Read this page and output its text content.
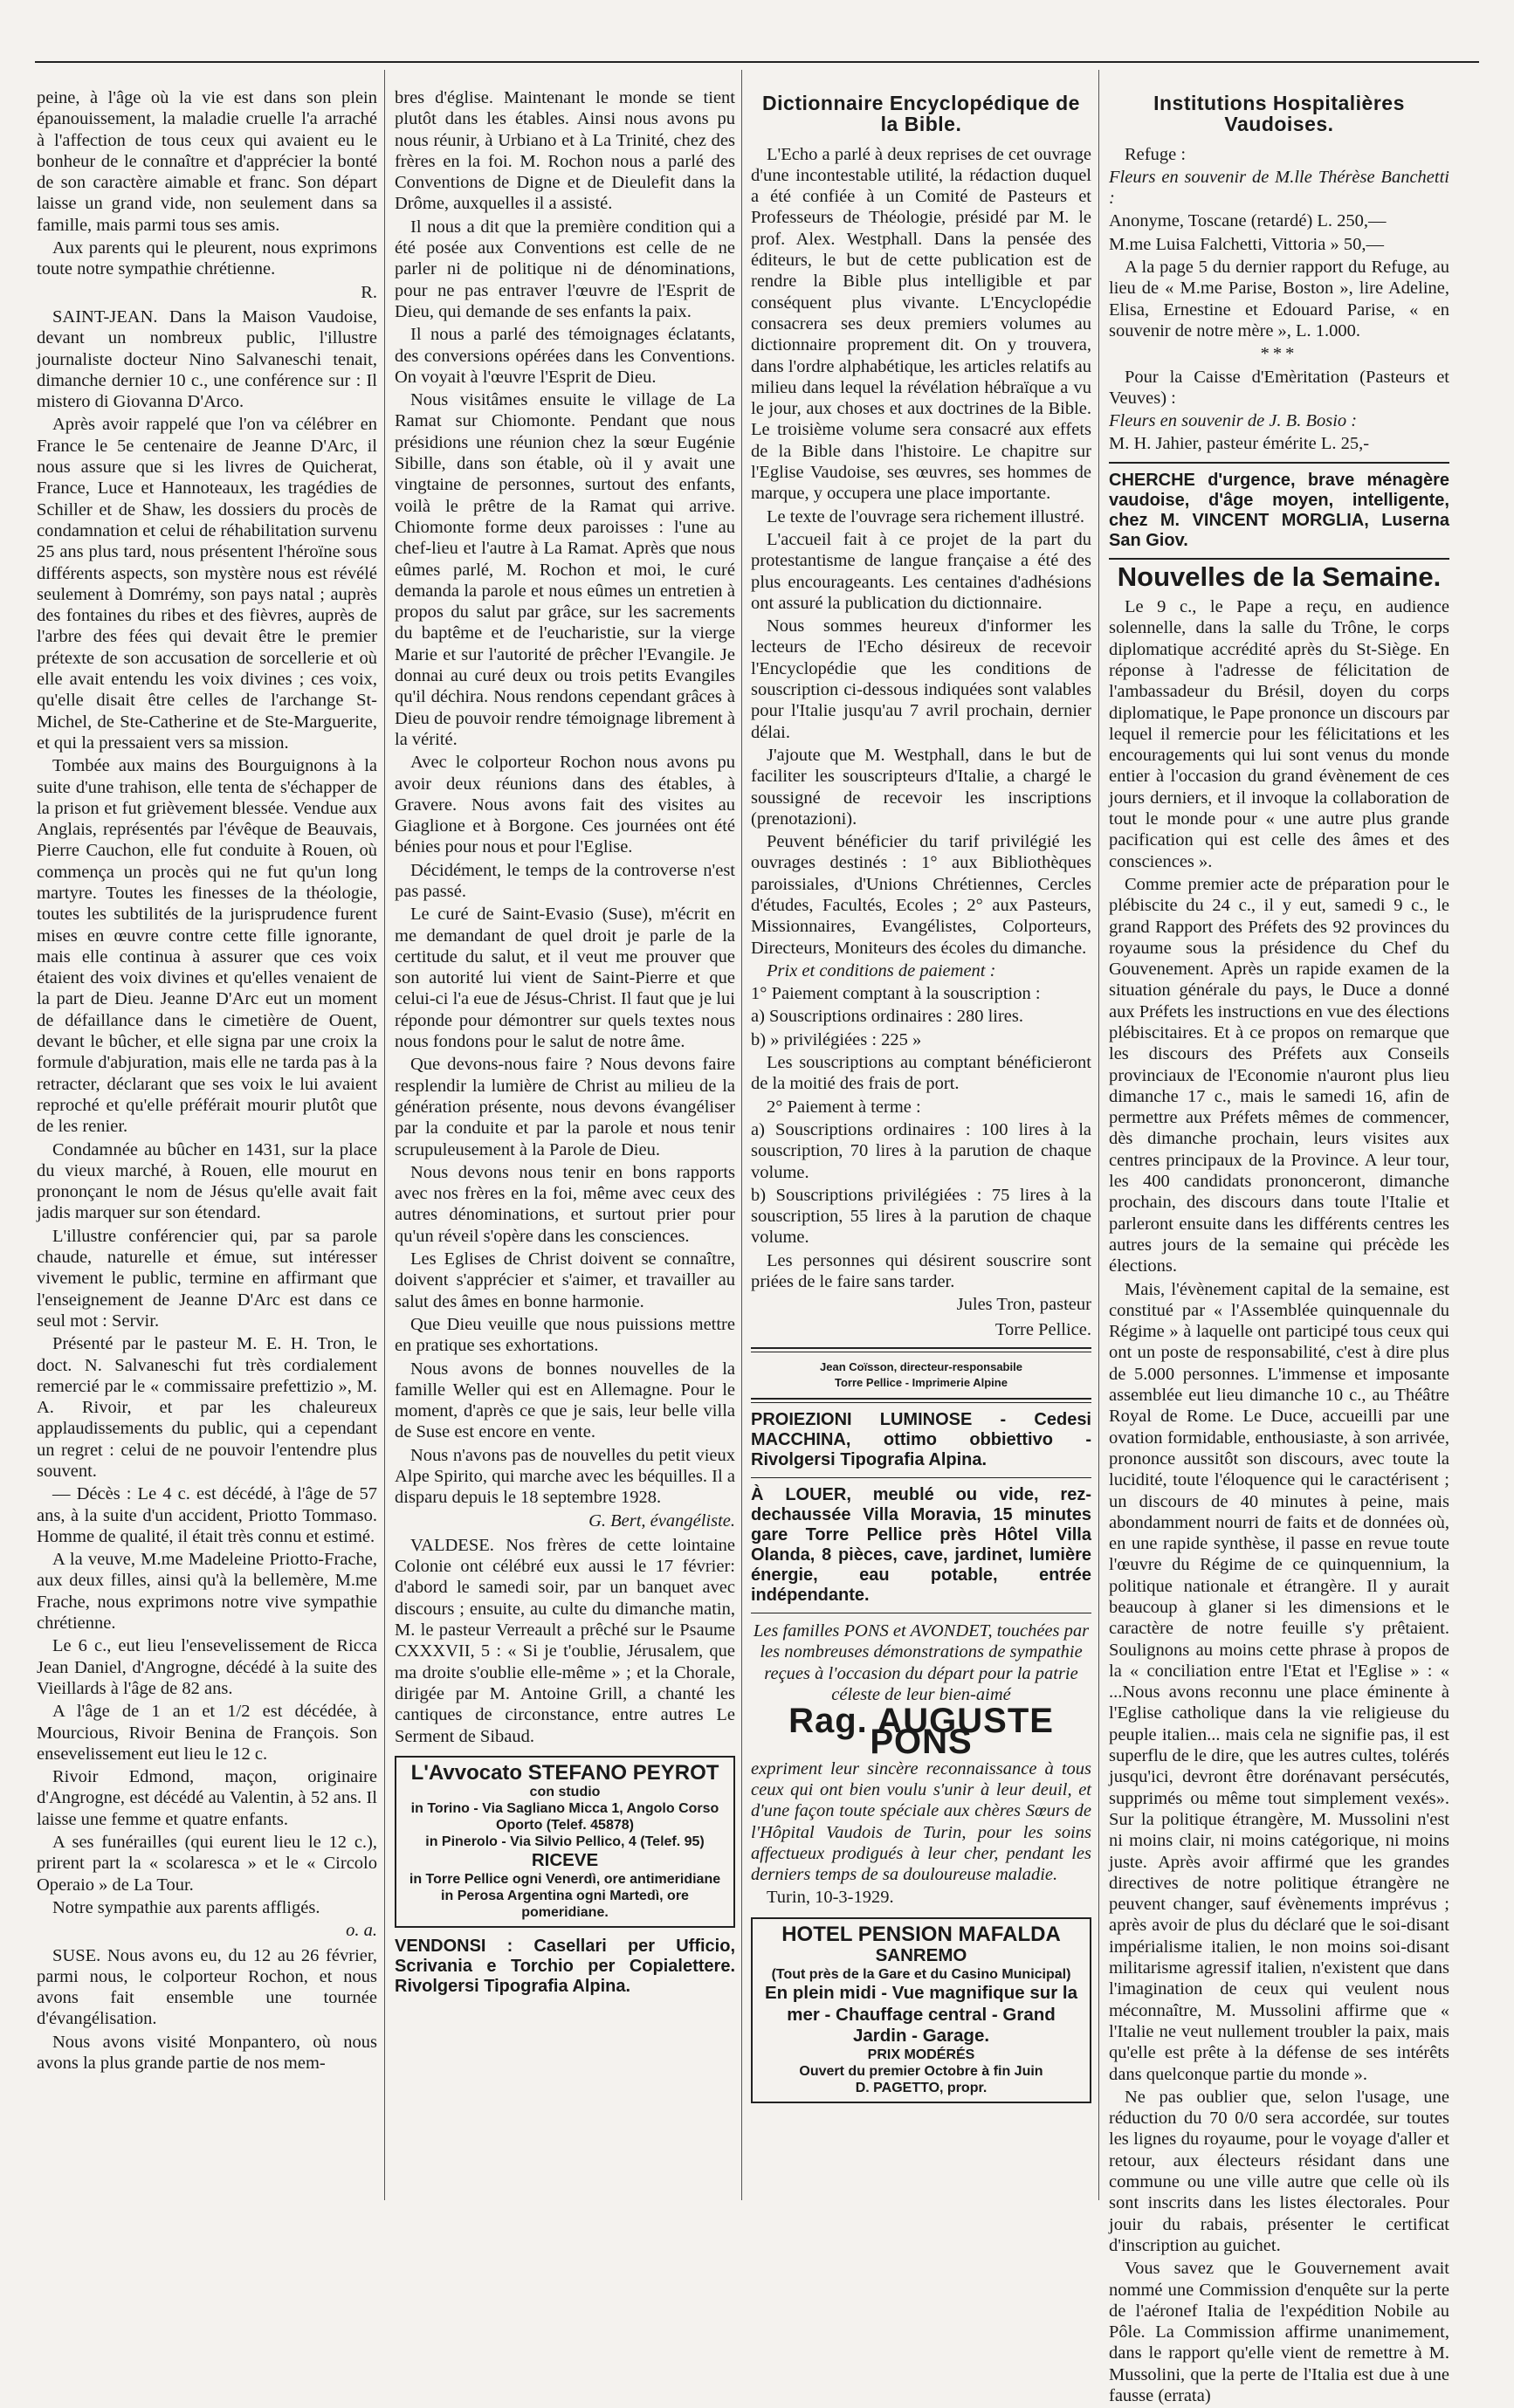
peine, à l'âge où la vie est dans son plein épanouissement, la maladie cruelle l'a arraché à l'affection de tous ceux qui avaient eu le bonheur de le connaître et d'apprécier la bonté de son caractère aimable et franc. Son départ laisse un grand vide, non seulement dans sa famille, mais parmi tous ses amis.

Aux parents qui le pleurent, nous exprimons toute notre sympathie chrétienne.

R.

SAINT-JEAN. Dans la Maison Vaudoise, devant un nombreux public, l'illustre journaliste docteur Nino Salvaneschi tenait, dimanche dernier 10 c., une conférence sur : Il mistero di Giovanna D'Arco.

Après avoir rappelé que l'on va célébrer en France le 5e centenaire de Jeanne D'Arc, il nous assure que si les livres de Quicherat, France, Luce et Hannoteaux, les tragédies de Schiller et de Shaw, les dossiers du procès de condamnation et celui de réhabilitation survenu 25 ans plus tard, nous présentent l'héroïne sous différents aspects, son mystère nous est révélé seulement à Domrémy, son pays natal ; auprès des fontaines du ribes et des fièvres, auprès de l'arbre des fées qui devait être le premier prétexte de son accusation de sorcellerie et où elle avait entendu les voix divines ; ces voix, qu'elle disait être celles de l'archange St-Michel, de Ste-Catherine et de Ste-Marguerite, et qui la pressaient vers sa mission.

Tombée aux mains des Bourguignons à la suite d'une trahison, elle tenta de s'échapper de la prison et fut grièvement blessée. Vendue aux Anglais, représentés par l'évêque de Beauvais, Pierre Cauchon, elle fut conduite à Rouen, où commença un procès qui ne fut qu'un long martyre. Toutes les finesses de la théologie, toutes les subtilités de la jurisprudence furent mises en œuvre contre cette fille ignorante, mais elle continua à assurer que ces voix étaient des voix divines et qu'elles venaient de la part de Dieu. Jeanne D'Arc eut un moment de défaillance dans le cimetière de Ouent, devant le bûcher, et elle signa par une croix la formule d'abjuration, mais elle ne tarda pas à la retracter, déclarant que ses voix le lui avaient reproché et qu'elle préférait mourir plutôt que de les renier.

Condamnée au bûcher en 1431, sur la place du vieux marché, à Rouen, elle mourut en prononçant le nom de Jésus qu'elle avait fait jadis marquer sur son étendard.

L'illustre conférencier qui, par sa parole chaude, naturelle et émue, sut intéresser vivement le public, termine en affirmant que l'enseignement de Jeanne D'Arc est dans ce seul mot : Servir.

Présenté par le pasteur M. E. H. Tron, le doct. N. Salvaneschi fut très cordialement remercié par le « commissaire prefettizio », M. A. Rivoir, et par les chaleureux applaudissements du public, qui a cependant un regret : celui de ne pouvoir l'entendre plus souvent.

— Décès : Le 4 c. est décédé, à l'âge de 57 ans, à la suite d'un accident, Priotto Tommaso. Homme de qualité, il était très connu et estimé.

A la veuve, M.me Madeleine Priotto-Frache, aux deux filles, ainsi qu'à la bellemère, M.me Frache, nous exprimons notre vive sympathie chrétienne.

Le 6 c., eut lieu l'ensevelissement de Ricca Jean Daniel, d'Angrogne, décédé à la suite des Vieillards à l'âge de 82 ans.

A l'âge de 1 an et 1/2 est décédée, à Mourcious, Rivoir Benina de François. Son ensevelissement eut lieu le 12 c.

Rivoir Edmond, maçon, originaire d'Angrogne, est décédé au Valentin, à 52 ans. Il laisse une femme et quatre enfants.

A ses funérailles (qui eurent lieu le 12 c.), prirent part la « scolaresca » et le « Circolo Operaio » de La Tour.

Notre sympathie aux parents affligés.

o. a.

SUSE. Nous avons eu, du 12 au 26 février, parmi nous, le colporteur Rochon, et nous avons fait ensemble une tournée d'évangélisation.

Nous avons visité Monpantero, où nous avons la plus grande partie de nos mem-

bres d'église. Maintenant le monde se tient plutôt dans les étables. Ainsi nous avons pu nous réunir, à Urbiano et à La Trinité, chez des frères en la foi. M. Rochon nous a parlé des Conventions de Digne et de Dieulefit dans la Drôme, auxquelles il a assisté.

Il nous a dit que la première condition qui a été posée aux Conventions est celle de ne parler ni de politique ni de dénominations, pour ne pas entraver l'œuvre de l'Esprit de Dieu, qui demande de ses enfants la paix.

Il nous a parlé des témoignages éclatants, des conversions opérées dans les Conventions. On voyait à l'œuvre l'Esprit de Dieu.

Nous visitâmes ensuite le village de La Ramat sur Chiomonte. Pendant que nous présidions une réunion chez la sœur Eugénie Sibille, dans son étable, où il y avait une vingtaine de personnes, surtout des enfants, voilà le prêtre de la Ramat qui arrive. Chiomonte forme deux paroisses : l'une au chef-lieu et l'autre à La Ramat. Après que nous eûmes parlé, M. Rochon et moi, le curé demanda la parole et nous eûmes un entretien à propos du salut par grâce, sur les sacrements du baptême et de l'eucharistie, sur la vierge Marie et sur l'autorité de prêcher l'Evangile. Je donnai au curé deux ou trois petits Evangiles qu'il déchira. Nous rendons cependant grâces à Dieu de pouvoir rendre témoignage librement à la vérité.

Avec le colporteur Rochon nous avons pu avoir deux réunions dans des étables, à Gravere. Nous avons fait des visites au Giaglione et à Borgone. Ces journées ont été bénies pour nous et pour l'Eglise.

Décidément, le temps de la controverse n'est pas passé.

Le curé de Saint-Evasio (Suse), m'écrit en me demandant de quel droit je parle de la certitude du salut, et il veut me prouver que son autorité lui vient de Saint-Pierre et que celui-ci l'a eue de Jésus-Christ. Il faut que je lui réponde pour démontrer sur quels textes nous nous fondons pour le salut de notre âme.

Que devons-nous faire ? Nous devons faire resplendir la lumière de Christ au milieu de la génération présente, nous devons évangéliser par la conduite et par la parole et nous tenir scrupuleusement à la Parole de Dieu.

Nous devons nous tenir en bons rapports avec nos frères en la foi, même avec ceux des autres dénominations, et surtout prier pour qu'un réveil s'opère dans les consciences.

Les Eglises de Christ doivent se connaître, doivent s'apprécier et s'aimer, et travailler au salut des âmes en bonne harmonie.

Que Dieu veuille que nous puissions mettre en pratique ses exhortations.

Nous avons de bonnes nouvelles de la famille Weller qui est en Allemagne. Pour le moment, d'après ce que je sais, leur belle villa de Suse est encore en vente.

Nous n'avons pas de nouvelles du petit vieux Alpe Spirito, qui marche avec les béquilles. Il a disparu depuis le 18 septembre 1928.

G. Bert, évangéliste.

VALDESE. Nos frères de cette lointaine Colonie ont célébré eux aussi le 17 février: d'abord le samedi soir, par un banquet avec discours ; ensuite, au culte du dimanche matin, M. le pasteur Verreault a prêché sur le Psaume CXXXVII, 5 : « Si je t'oublie, Jérusalem, que ma droite s'oublie elle-même » ; et la Chorale, dirigée par M. Antoine Grill, a chanté les cantiques de circonstance, entre autres Le Serment de Sibaud.

L'Avvocato STEFANO PEYROT
con studio
in Torino - Via Sagliano Micca 1, Angolo Corso Oporto (Telef. 45878)
in Pinerolo - Via Silvio Pellico, 4 (Telef. 95)
RICEVE
in Torre Pellice ogni Venerdì, ore antimeridiane
in Perosa Argentina ogni Martedì, ore pomeridiane.
VENDONSI : Casellari per Ufficio, Scrivania e Torchio per Copialettere. Rivolgersi Tipografia Alpina.
Dictionnaire Encyclopédique de la Bible.

L'Echo a parlé à deux reprises de cet ouvrage d'une incontestable utilité, la rédaction duquel a été confiée à un Comité de Pasteurs et Professeurs de Théologie, présidé par M. le prof. Alex. Westphall. Dans la pensée des éditeurs, le but de cette publication est de rendre la Bible plus intelligible et par conséquent plus vivante. L'Encyclopédie consacrera ses deux premiers volumes au dictionnaire proprement dit. On y trouvera, dans l'ordre alphabétique, les articles relatifs au milieu dans lequel la révélation hébraïque a vu le jour, aux choses et aux doctrines de la Bible. Le troisième volume sera consacré aux effets de la Bible dans l'histoire. Le chapitre sur l'Eglise Vaudoise, ses œuvres, ses hommes de marque, y occupera une place importante.

Le texte de l'ouvrage sera richement illustré.

L'accueil fait à ce projet de la part du protestantisme de langue française a été des plus encourageants. Les centaines d'adhésions ont assuré la publication du dictionnaire.

Nous sommes heureux d'informer les lecteurs de l'Echo désireux de recevoir l'Encyclopédie que les conditions de souscription ci-dessous indiquées sont valables pour l'Italie jusqu'au 7 avril prochain, dernier délai.

J'ajoute que M. Westphall, dans le but de faciliter les souscripteurs d'Italie, a chargé le soussigné de recevoir les inscriptions (prenotazioni).

Peuvent bénéficier du tarif privilégié les ouvrages destinés : 1° aux Bibliothèques paroissiales, d'Unions Chrétiennes, Cercles d'études, Facultés, Ecoles ; 2° aux Pasteurs, Missionnaires, Evangélistes, Colporteurs, Directeurs, Moniteurs des écoles du dimanche.

Prix et conditions de paiement :

1° Paiement comptant à la souscription :

a) Souscriptions ordinaires : 280 lires.

b) » privilégiées : 225 »

Les souscriptions au comptant bénéficieront de la moitié des frais de port.

2° Paiement à terme :

a) Souscriptions ordinaires : 100 lires à la souscription, 70 lires à la parution de chaque volume.

b) Souscriptions privilégiées : 75 lires à la souscription, 55 lires à la parution de chaque volume.

Les personnes qui désirent souscrire sont priées de le faire sans tarder.

Jules Tron, pasteur
Torre Pellice.
Jean Coïsson, directeur-responsabile
Torre Pellice - Imprimerie Alpine
PROIEZIONI LUMINOSE - Cedesi MACCHINA, ottimo obbiettivo - Rivolgersi Tipografia Alpina.
À LOUER, meublé ou vide, rez-dechaussée Villa Moravia, 15 minutes gare Torre Pellice près Hôtel Villa Olanda, 8 pièces, cave, jardinet, lumière énergie, eau potable, entrée indépendante.

Les familles PONS et AVONDET, touchées par les nombreuses démonstrations de sympathie reçues à l'occasion du départ pour la patrie céleste de leur bien-aimé

Rag. AUGUSTE PONS

expriment leur sincère reconnaissance à tous ceux qui ont bien voulu s'unir à leur deuil, et d'une façon toute spéciale aux chères Sœurs de l'Hôpital Vaudois de Turin, pour les soins affectueux prodigués à leur cher, pendant les derniers temps de sa douloureuse maladie.

Turin, 10-3-1929.

HOTEL PENSION MAFALDA
SANREMO
(Tout près de la Gare et du Casino Municipal)
En plein midi - Vue magnifique sur la mer - Chauffage central - Grand Jardin - Garage.
PRIX MODÉRÉS
Ouvert du premier Octobre à fin Juin
D. PAGETTO, propr.
Institutions Hospitalières Vaudoises.

Refuge :

Fleurs en souvenir de M.lle Thérèse Banchetti :

Anonyme, Toscane (retardé) L. 250,—

M.me Luisa Falchetti, Vittoria » 50,—

A la page 5 du dernier rapport du Refuge, au lieu de « M.me Parise, Boston », lire Adeline, Elisa, Ernestine et Edouard Parise, « en souvenir de notre mère », L. 1.000.

***

Pour la Caisse d'Emèritation (Pasteurs et Veuves) :

Fleurs en souvenir de J. B. Bosio :

M. H. Jahier, pasteur émérite L. 25,-

CHERCHE d'urgence, brave ménagère vaudoise, d'âge moyen, intelligente, chez M. VINCENT MORGLIA, Luserna San Giov.
Nouvelles de la Semaine.

Le 9 c., le Pape a reçu, en audience solennelle, dans la salle du Trône, le corps diplomatique accrédité après du St-Siège. En réponse à l'adresse de félicitation de l'ambassadeur du Brésil, doyen du corps diplomatique, le Pape prononce un discours par lequel il remercie pour les félicitations et les encouragements qui lui sont venus du monde entier à l'occasion du grand évènement de ces jours derniers, et il invoque la collaboration de tout le monde pour « une autre plus grande pacification qui est celle des âmes et des consciences ».

Comme premier acte de préparation pour le plébiscite du 24 c., il y eut, samedi 9 c., le grand Rapport des Préfets des 92 provinces du royaume sous la présidence du Chef du Gouvenement. Après un rapide examen de la situation générale du pays, le Duce a donné aux Préfets les instructions en vue des élections plébiscitaires. Et à ce propos on remarque que les discours des Préfets aux Conseils provinciaux de l'Economie n'auront plus lieu dimanche 17 c., mais le samedi 16, afin de permettre aux Préfets mêmes de commencer, dès dimanche prochain, leurs visites aux centres principaux de la Province. A leur tour, les 400 candidats prononceront, dimanche prochain, des discours dans toute l'Italie et parleront ensuite dans les différents centres les autres jours de la semaine qui précède les élections.

Mais, l'évènement capital de la semaine, est constitué par « l'Assemblée quinquennale du Régime » à laquelle ont participé tous ceux qui ont un poste de responsabilité, c'est à dire plus de 5.000 personnes. L'immense et imposante assemblée eut lieu dimanche 10 c., au Théâtre Royal de Rome. Le Duce, accueilli par une ovation formidable, enthousiaste, à son arrivée, prononce aussitôt son discours, avec toute la lucidité, toute l'éloquence qui le caractérisent ; un discours de 40 minutes à peine, mais abondamment nourri de faits et de données où, en une rapide synthèse, il passe en revue toute l'œuvre du Régime de ce quinquennium, la politique nationale et étrangère. Il y aurait beaucoup à glaner si les dimensions et le caractère de notre feuille s'y prêtaient. Soulignons au moins cette phrase à propos de la « conciliation entre l'Etat et l'Eglise » : « ...Nous avons reconnu une place éminente à l'Eglise catholique dans la vie religieuse du peuple italien... mais cela ne signifie pas, il est superflu de le dire, que les autres cultes, tolérés jusqu'ici, devront être dorénavant persécutés, supprimés ou même tout simplement vexés». Sur la politique étrangère, M. Mussolini n'est ni moins clair, ni moins catégorique, ni moins juste. Après avoir affirmé que les grandes directives de notre politique étrangère ne peuvent changer, sauf évènements imprévus ; après avoir de plus du déclaré que le soi-disant impérialisme italien, le non moins soi-disant militarisme agressif italien, n'existent que dans l'imagination de ceux qui veulent nous méconnaître, M. Mussolini affirme que « l'Italie ne veut nullement troubler la paix, mais qu'elle est prête à la défense de ses intérêts dans quelconque partie du monde ».

Ne pas oublier que, selon l'usage, une réduction du 70 0/0 sera accordée, sur toutes les lignes du royaume, pour le voyage d'aller et retour, aux électeurs résidant dans une commune ou une ville autre que celle où ils sont inscrits dans les listes électorales. Pour jouir du rabais, présenter le certificat d'inscription au guichet.

Vous savez que le Gouvernement avait nommé une Commission d'enquête sur la perte de l'aéronef Italia de l'expédition Nobile au Pôle. La Commission affirme unanimement, dans le rapport qu'elle vient de remettre à M. Mussolini, que la perte de l'Italia est due à une fausse (errata)
